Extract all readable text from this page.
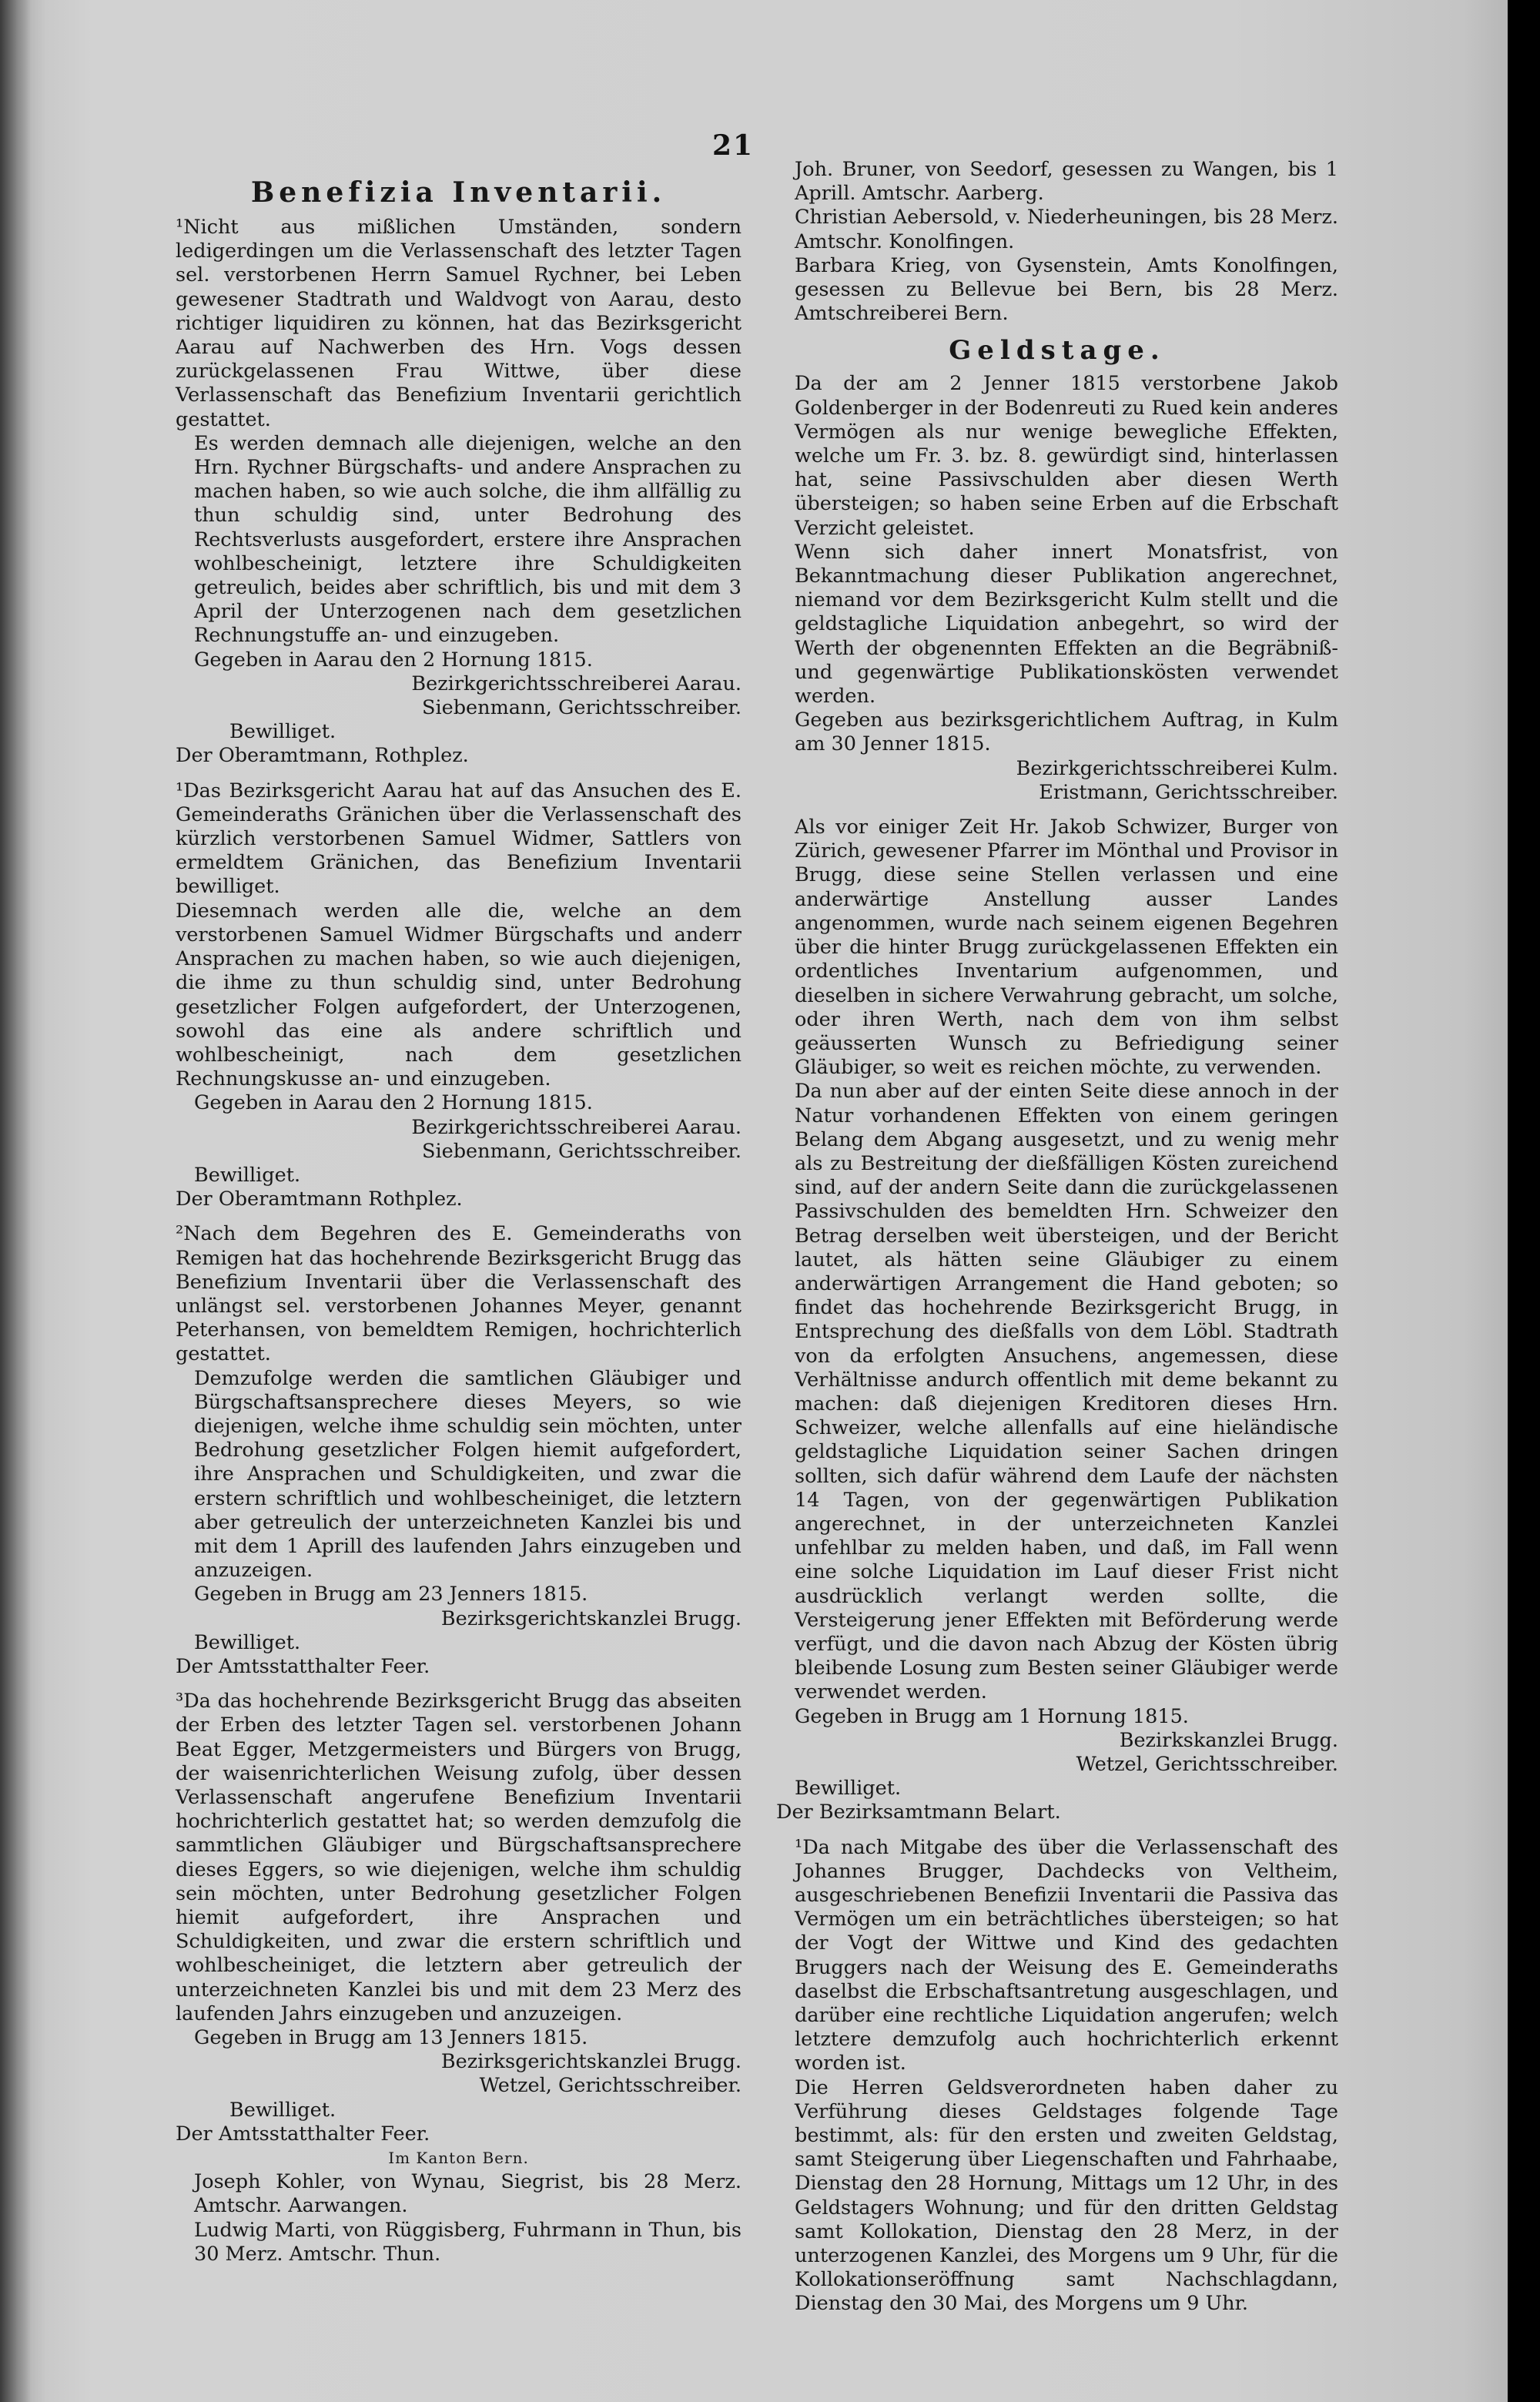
21
Benefizia Inventarii.

¹Nicht aus mißlichen Umständen, sondern ledigerdingen um die Verlassenschaft des letzter Tagen sel. verstorbenen Herrn Samuel Rychner, bei Leben gewesener Stadtrath und Waldvogt von Aarau, desto richtiger liquidiren zu können, hat das Bezirksgericht Aarau auf Nachwerben des Hrn. Vogs dessen zurückgelassenen Frau Wittwe, über diese Verlassenschaft das Benefizium Inventarii gerichtlich gestattet.

Es werden demnach alle diejenigen, welche an den Hrn. Rychner Bürgschafts- und andere Ansprachen zu machen haben, so wie auch solche, die ihm allfällig zu thun schuldig sind, unter Bedrohung des Rechtsverlusts ausgefordert, erstere ihre Ansprachen wohlbescheinigt, letztere ihre Schuldigkeiten getreulich, beides aber schriftlich, bis und mit dem 3 April der Unterzogenen nach dem gesetzlichen Rechnungstuffe an- und einzugeben.

Gegeben in Aarau den 2 Hornung 1815.

Bezirkgerichtsschreiberei Aarau.

Siebenmann, Gerichtsschreiber.

Bewilliget.

Der Oberamtmann, Rothplez.

¹Das Bezirksgericht Aarau hat auf das Ansuchen des E. Gemeinderaths Gränichen über die Verlassenschaft des kürzlich verstorbenen Samuel Widmer, Sattlers von ermeldtem Gränichen, das Benefizium Inventarii bewilliget.

Diesemnach werden alle die, welche an dem verstorbenen Samuel Widmer Bürgschafts und anderr Ansprachen zu machen haben, so wie auch diejenigen, die ihme zu thun schuldig sind, unter Bedrohung gesetzlicher Folgen aufgefordert, der Unterzogenen, sowohl das eine als andere schriftlich und wohlbescheinigt, nach dem gesetzlichen Rechnungskusse an- und einzugeben.

Gegeben in Aarau den 2 Hornung 1815.

Bezirkgerichtsschreiberei Aarau.

Siebenmann, Gerichtsschreiber.

Bewilliget.

Der Oberamtmann Rothplez.

²Nach dem Begehren des E. Gemeinderaths von Remigen hat das hochehrende Bezirksgericht Brugg das Benefizium Inventarii über die Verlassenschaft des unlängst sel. verstorbenen Johannes Meyer, genannt Peterhansen, von bemeldtem Remigen, hochrichterlich gestattet.

Demzufolge werden die samtlichen Gläubiger und Bürgschaftsansprechere dieses Meyers, so wie diejenigen, welche ihme schuldig sein möchten, unter Bedrohung gesetzlicher Folgen hiemit aufgefordert, ihre Ansprachen und Schuldigkeiten, und zwar die erstern schriftlich und wohlbescheiniget, die letztern aber getreulich der unterzeichneten Kanzlei bis und mit dem 1 Aprill des laufenden Jahrs einzugeben und anzuzeigen.

Gegeben in Brugg am 23 Jenners 1815.

Bezirksgerichtskanzlei Brugg.

Bewilliget.

Der Amtsstatthalter Feer.

³Da das hochehrende Bezirksgericht Brugg das abseiten der Erben des letzter Tagen sel. verstorbenen Johann Beat Egger, Metzgermeisters und Bürgers von Brugg, der waisenrichterlichen Weisung zufolg, über dessen Verlassenschaft angerufene Benefizium Inventarii hochrichterlich gestattet hat; so werden demzufolg die sammtlichen Gläubiger und Bürgschaftsansprechere dieses Eggers, so wie diejenigen, welche ihm schuldig sein möchten, unter Bedrohung gesetzlicher Folgen hiemit aufgefordert, ihre Ansprachen und Schuldigkeiten, und zwar die erstern schriftlich und wohlbescheiniget, die letztern aber getreulich der unterzeichneten Kanzlei bis und mit dem 23 Merz des laufenden Jahrs einzugeben und anzuzeigen.

Gegeben in Brugg am 13 Jenners 1815.

Bezirksgerichtskanzlei Brugg.

Wetzel, Gerichtsschreiber.

Bewilliget.

Der Amtsstatthalter Feer.

Im Kanton Bern.

Joseph Kohler, von Wynau, Siegrist, bis 28 Merz. Amtschr. Aarwangen.

Ludwig Marti, von Rüggisberg, Fuhrmann in Thun, bis 30 Merz. Amtschr. Thun.

Joh. Bruner, von Seedorf, gesessen zu Wangen, bis 1 Aprill. Amtschr. Aarberg.

Christian Aebersold, v. Niederheuningen, bis 28 Merz. Amtschr. Konolfingen.

Barbara Krieg, von Gysenstein, Amts Konolfingen, gesessen zu Bellevue bei Bern, bis 28 Merz. Amtschreiberei Bern.

Geldstage.

Da der am 2 Jenner 1815 verstorbene Jakob Goldenberger in der Bodenreuti zu Rued kein anderes Vermögen als nur wenige bewegliche Effekten, welche um Fr. 3. bz. 8. gewürdigt sind, hinterlassen hat, seine Passivschulden aber diesen Werth übersteigen; so haben seine Erben auf die Erbschaft Verzicht geleistet.

Wenn sich daher innert Monatsfrist, von Bekanntmachung dieser Publikation angerechnet, niemand vor dem Bezirksgericht Kulm stellt und die geldstagliche Liquidation anbegehrt, so wird der Werth der obgenennten Effekten an die Begräbniß- und gegenwärtige Publikationskösten verwendet werden.

Gegeben aus bezirksgerichtlichem Auftrag, in Kulm am 30 Jenner 1815.

Bezirkgerichtsschreiberei Kulm.

Eristmann, Gerichtsschreiber.

Als vor einiger Zeit Hr. Jakob Schwizer, Burger von Zürich, gewesener Pfarrer im Mönthal und Provisor in Brugg, diese seine Stellen verlassen und eine anderwärtige Anstellung ausser Landes angenommen, wurde nach seinem eigenen Begehren über die hinter Brugg zurückgelassenen Effekten ein ordentliches Inventarium aufgenommen, und dieselben in sichere Verwahrung gebracht, um solche, oder ihren Werth, nach dem von ihm selbst geäusserten Wunsch zu Befriedigung seiner Gläubiger, so weit es reichen möchte, zu verwenden.

Da nun aber auf der einten Seite diese annoch in der Natur vorhandenen Effekten von einem geringen Belang dem Abgang ausgesetzt, und zu wenig mehr als zu Bestreitung der dießfälligen Kösten zureichend sind, auf der andern Seite dann die zurückgelassenen Passivschulden des bemeldten Hrn. Schweizer den Betrag derselben weit übersteigen, und der Bericht lautet, als hätten seine Gläubiger zu einem anderwärtigen Arrangement die Hand geboten; so findet das hochehrende Bezirksgericht Brugg, in Entsprechung des dießfalls von dem Löbl. Stadtrath von da erfolgten Ansuchens, angemessen, diese Verhältnisse andurch offentlich mit deme bekannt zu machen: daß diejenigen Kreditoren dieses Hrn. Schweizer, welche allenfalls auf eine hieländische geldstagliche Liquidation seiner Sachen dringen sollten, sich dafür während dem Laufe der nächsten 14 Tagen, von der gegenwärtigen Publikation angerechnet, in der unterzeichneten Kanzlei unfehlbar zu melden haben, und daß, im Fall wenn eine solche Liquidation im Lauf dieser Frist nicht ausdrücklich verlangt werden sollte, die Versteigerung jener Effekten mit Beförderung werde verfügt, und die davon nach Abzug der Kösten übrig bleibende Losung zum Besten seiner Gläubiger werde verwendet werden.

Gegeben in Brugg am 1 Hornung 1815.

Bezirkskanzlei Brugg.

Wetzel, Gerichtsschreiber.

Bewilliget.

Der Bezirksamtmann Belart.

¹Da nach Mitgabe des über die Verlassenschaft des Johannes Brugger, Dachdecks von Veltheim, ausgeschriebenen Benefizii Inventarii die Passiva das Vermögen um ein beträchtliches übersteigen; so hat der Vogt der Wittwe und Kind des gedachten Bruggers nach der Weisung des E. Gemeinderaths daselbst die Erbschaftsantretung ausgeschlagen, und darüber eine rechtliche Liquidation angerufen; welch letztere demzufolg auch hochrichterlich erkennt worden ist.

Die Herren Geldsverordneten haben daher zu Verführung dieses Geldstages folgende Tage bestimmt, als: für den ersten und zweiten Geldstag, samt Steigerung über Liegenschaften und Fahrhaabe, Dienstag den 28 Hornung, Mittags um 12 Uhr, in des Geldstagers Wohnung; und für den dritten Geldstag samt Kollokation, Dienstag den 28 Merz, in der unterzogenen Kanzlei, des Morgens um 9 Uhr, für die Kollokationseröffnung samt Nachschlagdann, Dienstag den 30 Mai, des Morgens um 9 Uhr.
